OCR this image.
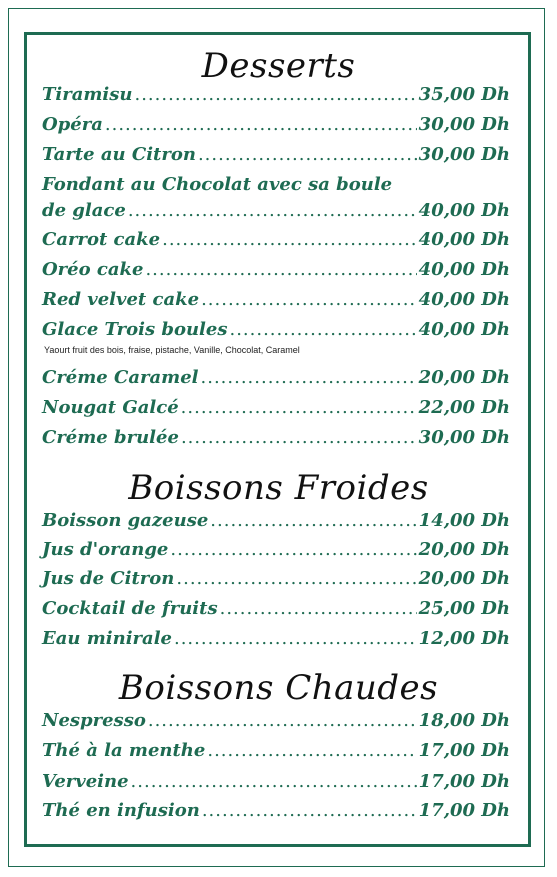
Desserts
Tiramisu .....	35,00 Dh
Opéra .....	30,00 Dh
Tarte au Citron .....	30,00 Dh
Fondant au Chocolat avec sa boule
de glace .....	40,00 Dh
Carrot cake .....	40,00 Dh
Oréo cake .....	40,00 Dh
Red velvet cake .....	40,00 Dh
Glace Trois boules .....	40,00 Dh
Yaourt fruit des bois, fraise, pistache, Vanille, Chocolat, Caramel
Créme Caramel .....	20,00 Dh
Nougat Galcé .....	22,00 Dh
Créme brulée .....	30,00 Dh
Boissons Froides
Boisson gazeuse .....	14,00 Dh
Jus d'orange .....	20,00 Dh
Jus de Citron .....	20,00 Dh
Cocktail de fruits .....	25,00 Dh
Eau minirale .....	12,00 Dh
Boissons Chaudes
Nespresso .....	18,00 Dh
Thé à la menthe .....	17,00 Dh
Verveine .....	17,00 Dh
Thé en infusion .....	17,00 Dh
